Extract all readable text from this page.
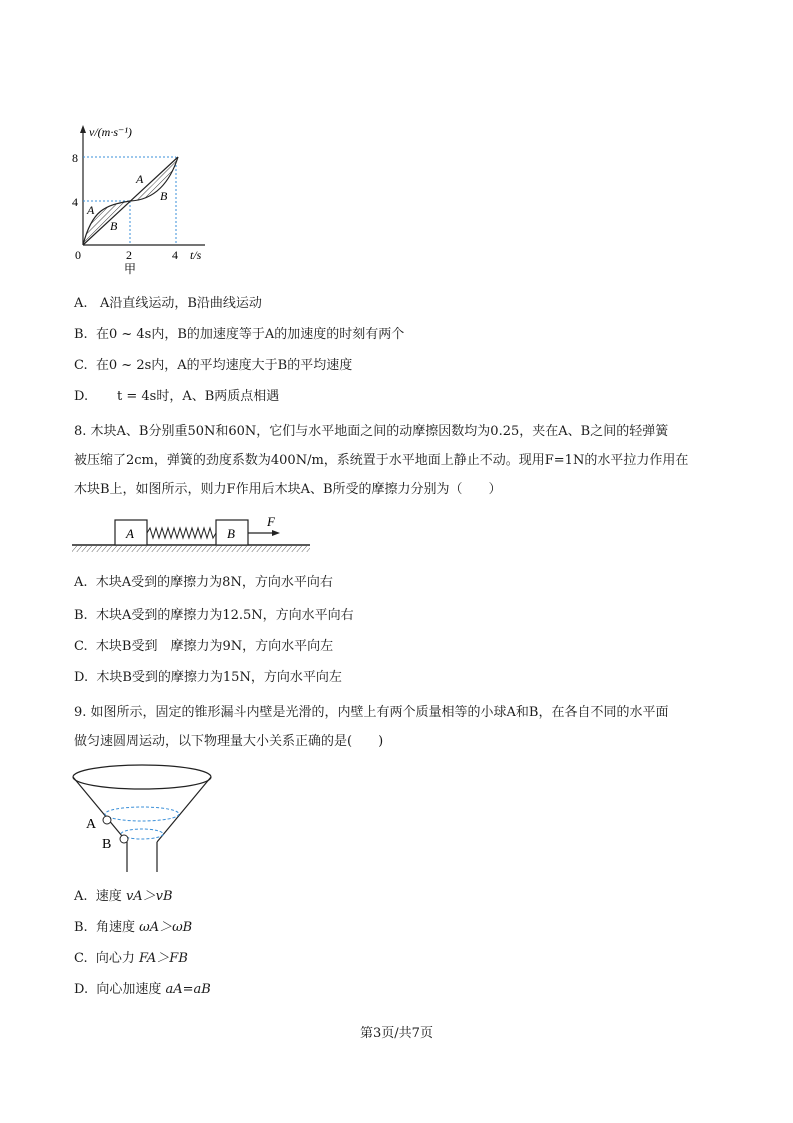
v/(m·s⁻¹)
8
4
0	2	4 t/s
A
B
A
B
甲
A. A沿直线运动，B沿曲线运动
B. 在0 ~ 4s内，B的加速度等于A的加速度的时刻有两个
C. 在0 ~ 2s内，A的平均速度大于B的平均速度
D. t = 4s时，A、B两质点相遇
8. 木块A、B分别重50N和60N，它们与水平地面之间的动摩擦因数均为0.25，夹在A、B之间的轻弹簧
被压缩了2cm，弹簧的劲度系数为400N/m，系统置于水平地面上静止不动。现用F=1N的水平拉力作用在
木块B上，如图所示，则力F作用后木块A、B所受的摩擦力分别为（　　）
A	B
F
A. 木块A受到的摩擦力为8N，方向水平向右
B. 木块A受到的摩擦力为12.5N，方向水平向右
C. 木块B受到　摩擦力为9N，方向水平向左
D. 木块B受到的摩擦力为15N，方向水平向左
9. 如图所示，固定的锥形漏斗内壁是光滑的，内壁上有两个质量相等的小球A和B，在各自不同的水平面
做匀速圆周运动，以下物理量大小关系正确的是(　　)
A
B
A. 速度 vA＞vB
B. 角速度 ωA＞ωB
C. 向心力 FA＞FB
D. 向心加速度 aA=aB
第3页/共7页
